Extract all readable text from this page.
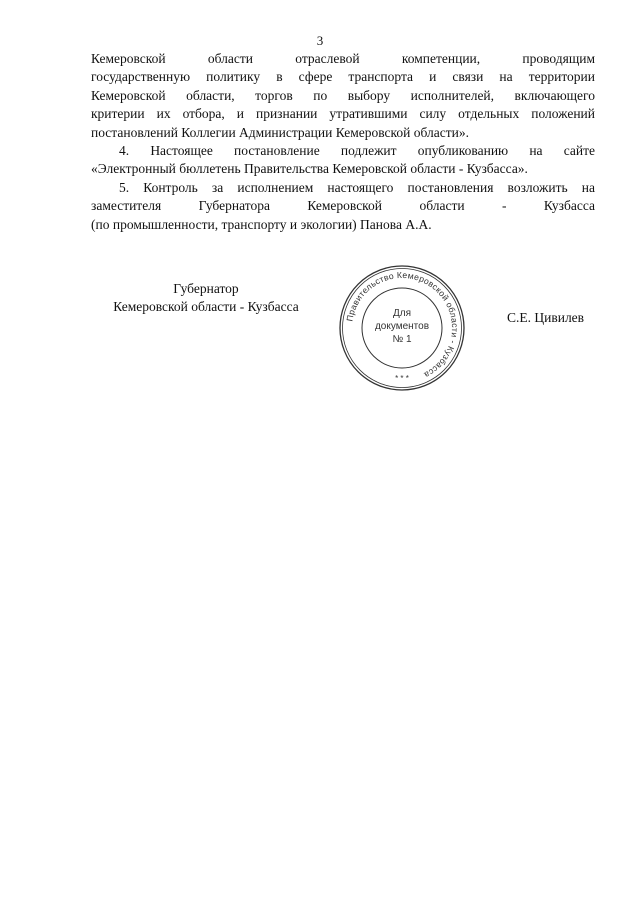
3

Кемеровской области отраслевой компетенции, проводящим

государственную политику в сфере транспорта и связи на территории

Кемеровской области, торгов по выбору исполнителей, включающего

критерии их отбора, и признании утратившими силу отдельных положений

постановлений Коллегии Администрации Кемеровской области».

4. Настоящее постановление подлежит опубликованию на сайте

«Электронный бюллетень Правительства Кемеровской области - Кузбасса».

5. Контроль за исполнением настоящего постановления возложить на

заместителя Губернатора Кемеровской области - Кузбасса

(по промышленности, транспорту и экологии) Панова А.А.

Губернатор
Кемеровской области - Кузбасса
Правительство Кемеровской области - Кузбасса
Для
документов
№ 1
* * *
С.Е. Цивилев
